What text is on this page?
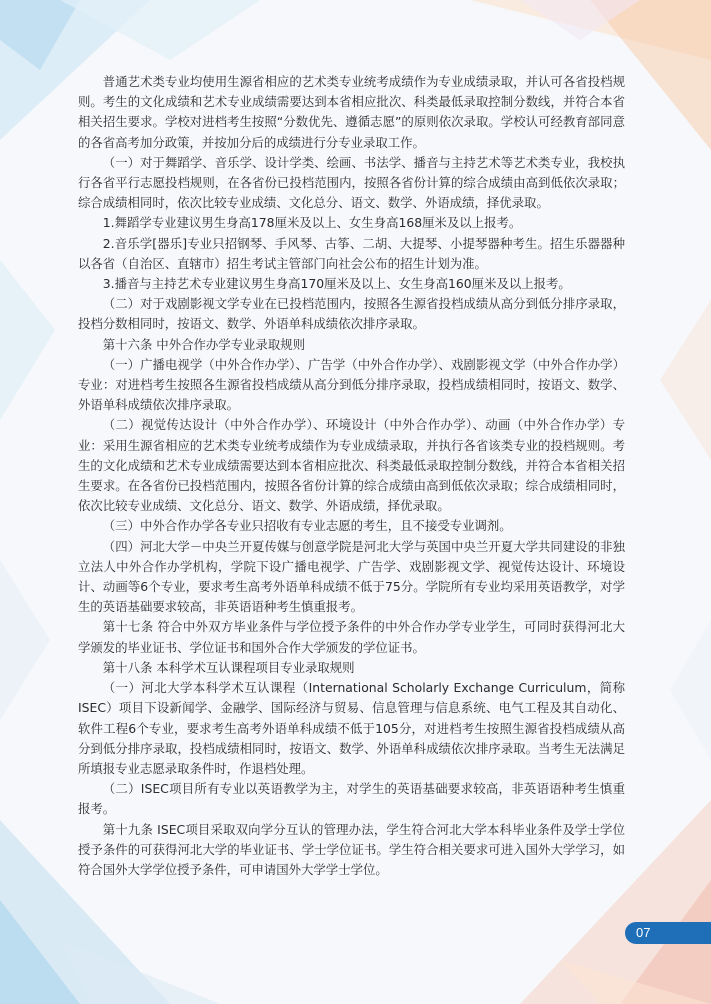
普通艺术类专业均使用生源省相应的艺术类专业统考成绩作为专业成绩录取，并认可各省投档规则。考生的文化成绩和艺术专业成绩需要达到本省相应批次、科类最低录取控制分数线，并符合本省相关招生要求。学校对进档考生按照“分数优先、遵循志愿”的原则依次录取。学校认可经教育部同意的各省高考加分政策，并按加分后的成绩进行分专业录取工作。

（一）对于舞蹈学、音乐学、设计学类、绘画、书法学、播音与主持艺术等艺术类专业，我校执行各省平行志愿投档规则，在各省份已投档范围内，按照各省份计算的综合成绩由高到低依次录取；综合成绩相同时，依次比较专业成绩、文化总分、语文、数学、外语成绩，择优录取。

1.舞蹈学专业建议男生身高178厘米及以上、女生身高168厘米及以上报考。

2.音乐学[器乐]专业只招钢琴、手风琴、古筝、二胡、大提琴、小提琴器种考生。招生乐器器种以各省（自治区、直辖市）招生考试主管部门向社会公布的招生计划为准。

3.播音与主持艺术专业建议男生身高170厘米及以上、女生身高160厘米及以上报考。

（二）对于戏剧影视文学专业在已投档范围内，按照各生源省投档成绩从高分到低分排序录取，投档分数相同时，按语文、数学、外语单科成绩依次排序录取。

第十六条 中外合作办学专业录取规则

（一）广播电视学（中外合作办学）、广告学（中外合作办学）、戏剧影视文学（中外合作办学）专业：对进档考生按照各生源省投档成绩从高分到低分排序录取，投档成绩相同时，按语文、数学、外语单科成绩依次排序录取。

（二）视觉传达设计（中外合作办学）、环境设计（中外合作办学）、动画（中外合作办学）专业：采用生源省相应的艺术类专业统考成绩作为专业成绩录取，并执行各省该类专业的投档规则。考生的文化成绩和艺术专业成绩需要达到本省相应批次、科类最低录取控制分数线，并符合本省相关招生要求。在各省份已投档范围内，按照各省份计算的综合成绩由高到低依次录取；综合成绩相同时，依次比较专业成绩、文化总分、语文、数学、外语成绩，择优录取。

（三）中外合作办学各专业只招收有专业志愿的考生，且不接受专业调剂。

（四）河北大学－中央兰开夏传媒与创意学院是河北大学与英国中央兰开夏大学共同建设的非独立法人中外合作办学机构，学院下设广播电视学、广告学、戏剧影视文学、视觉传达设计、环境设计、动画等6个专业，要求考生高考外语单科成绩不低于75分。学院所有专业均采用英语教学，对学生的英语基础要求较高，非英语语种考生慎重报考。

第十七条 符合中外双方毕业条件与学位授予条件的中外合作办学专业学生，可同时获得河北大学颁发的毕业证书、学位证书和国外合作大学颁发的学位证书。

第十八条 本科学术互认课程项目专业录取规则

（一）河北大学本科学术互认课程（International Scholarly Exchange Curriculum，简称ISEC）项目下设新闻学、金融学、国际经济与贸易、信息管理与信息系统、电气工程及其自动化、软件工程6个专业，要求考生高考外语单科成绩不低于105分，对进档考生按照生源省投档成绩从高分到低分排序录取，投档成绩相同时，按语文、数学、外语单科成绩依次排序录取。当考生无法满足所填报专业志愿录取条件时，作退档处理。

（二）ISEC项目所有专业以英语教学为主，对学生的英语基础要求较高，非英语语种考生慎重报考。

第十九条 ISEC项目采取双向学分互认的管理办法，学生符合河北大学本科毕业条件及学士学位授予条件的可获得河北大学的毕业证书、学士学位证书。学生符合相关要求可进入国外大学学习，如符合国外大学学位授予条件，可申请国外大学学士学位。

07
